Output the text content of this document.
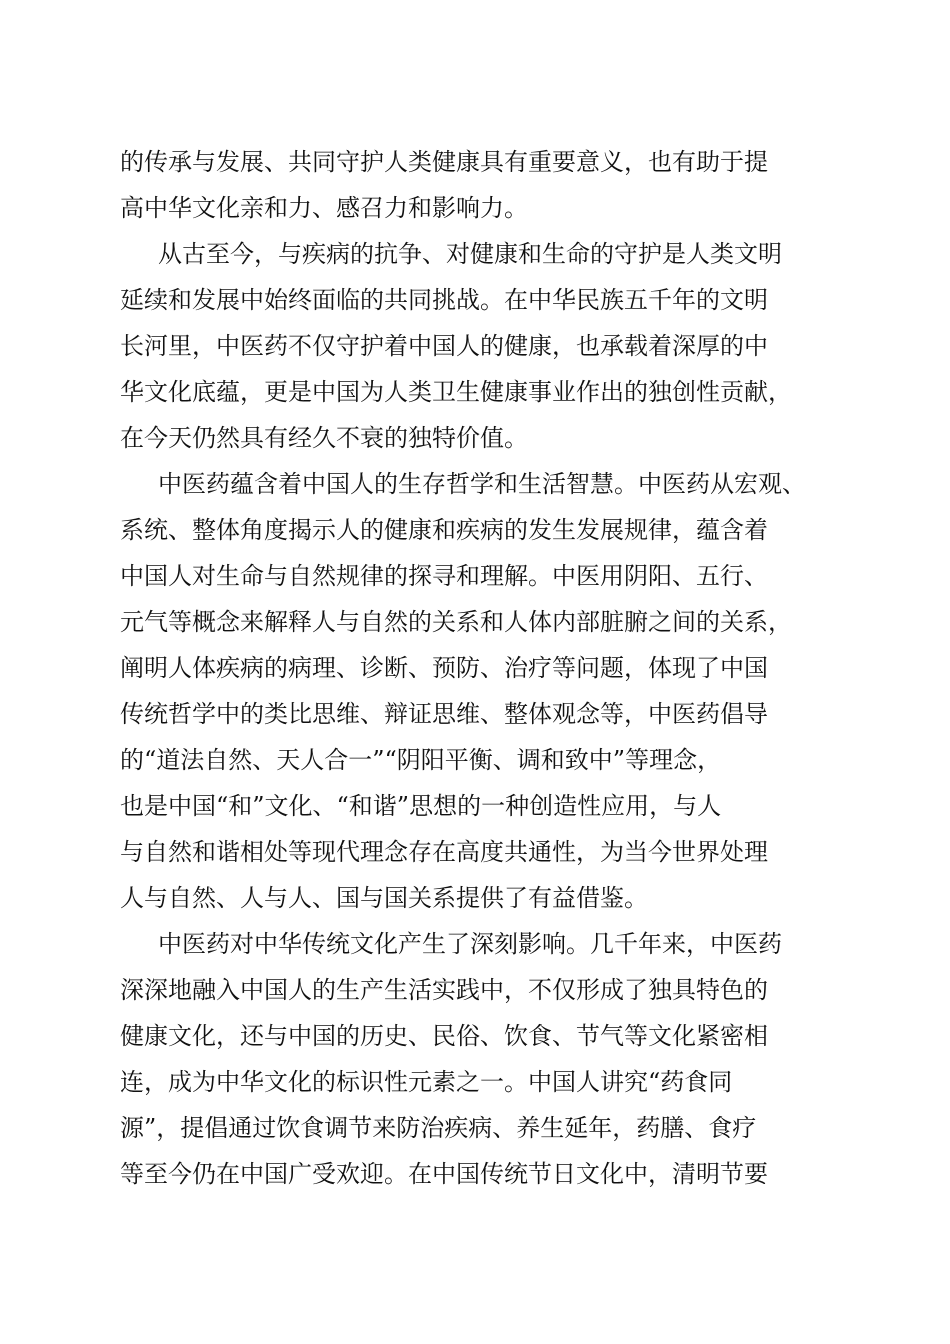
的传承与发展、共同守护人类健康具有重要意义，也有助于提
高中华文化亲和力、感召力和影响力。
从古至今，与疾病的抗争、对健康和生命的守护是人类文明
延续和发展中始终面临的共同挑战。在中华民族五千年的文明
长河里，中医药不仅守护着中国人的健康，也承载着深厚的中
华文化底蕴，更是中国为人类卫生健康事业作出的独创性贡献，
在今天仍然具有经久不衰的独特价值。
中医药蕴含着中国人的生存哲学和生活智慧。中医药从宏观、
系统、整体角度揭示人的健康和疾病的发生发展规律，蕴含着
中国人对生命与自然规律的探寻和理解。中医用阴阳、五行、
元气等概念来解释人与自然的关系和人体内部脏腑之间的关系，
阐明人体疾病的病理、诊断、预防、治疗等问题，体现了中国
传统哲学中的类比思维、辩证思维、整体观念等，中医药倡导
的“道法自然、天人合一”“阴阳平衡、调和致中”等理念，
也是中国“和”文化、“和谐”思想的一种创造性应用，与人
与自然和谐相处等现代理念存在高度共通性，为当今世界处理
人与自然、人与人、国与国关系提供了有益借鉴。
中医药对中华传统文化产生了深刻影响。几千年来，中医药
深深地融入中国人的生产生活实践中，不仅形成了独具特色的
健康文化，还与中国的历史、民俗、饮食、节气等文化紧密相
连，成为中华文化的标识性元素之一。中国人讲究“药食同
源”，提倡通过饮食调节来防治疾病、养生延年，药膳、食疗
等至今仍在中国广受欢迎。在中国传统节日文化中，清明节要
